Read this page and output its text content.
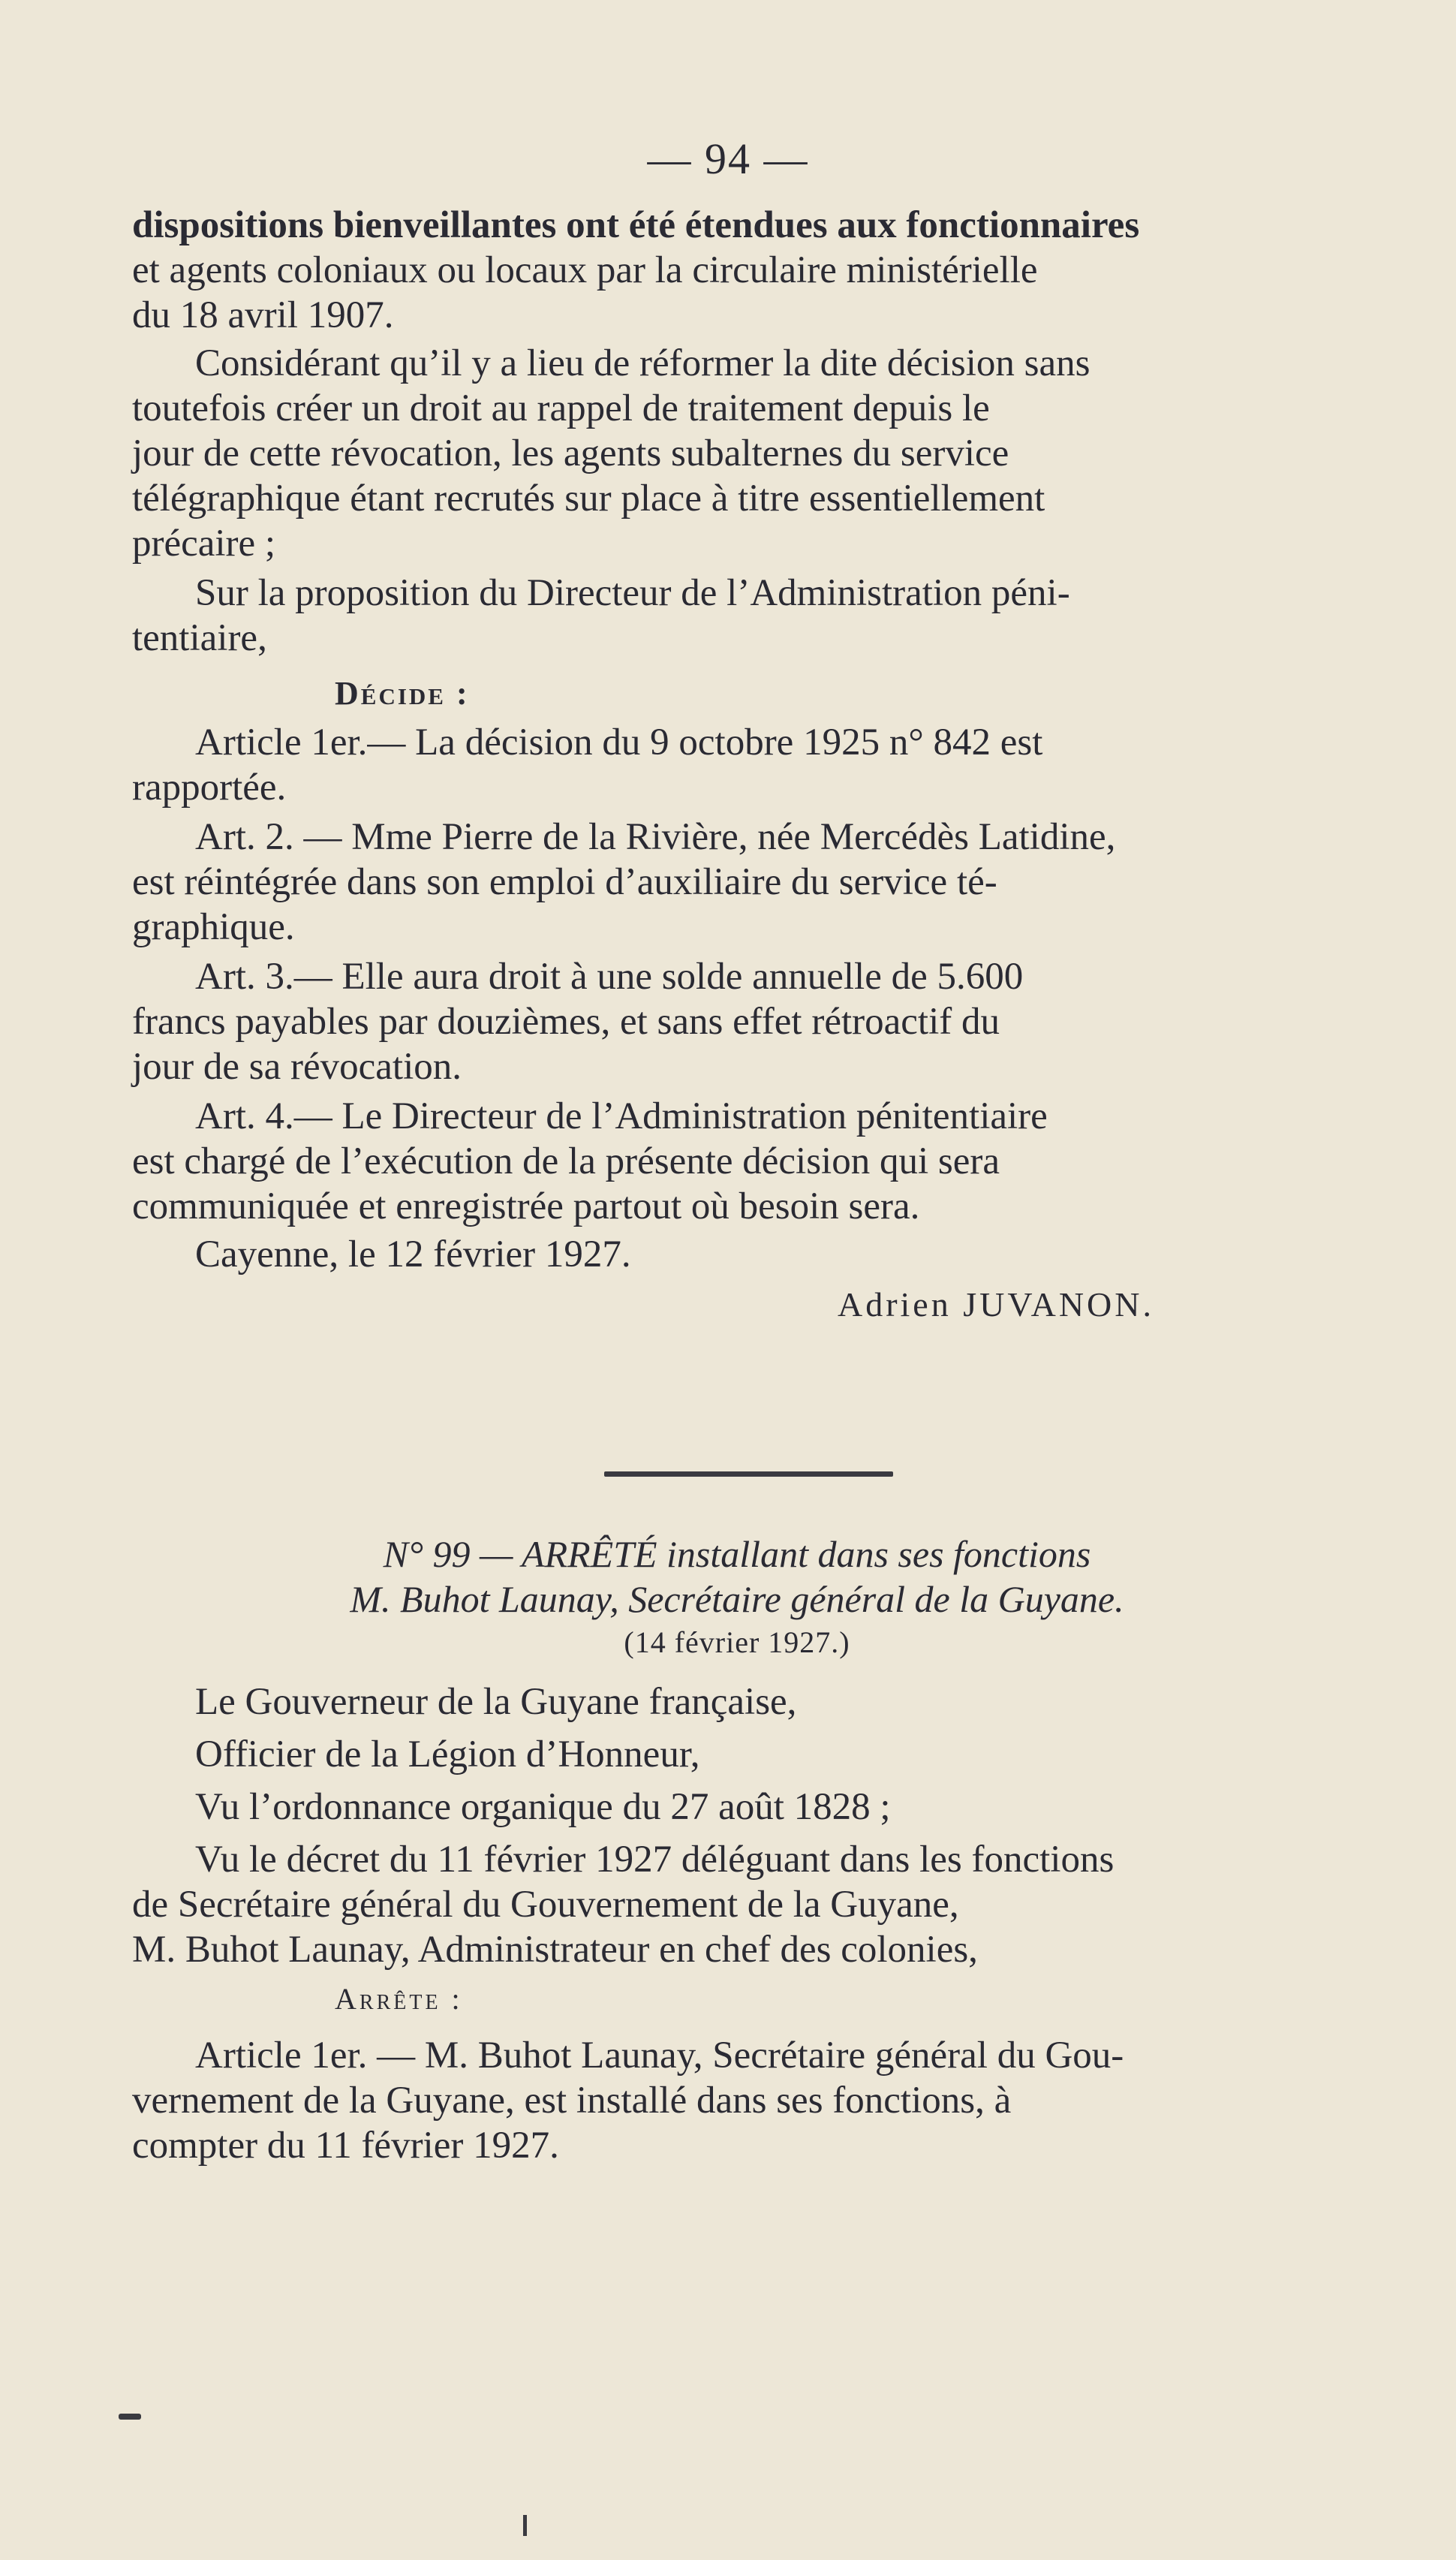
— 94 —

dispositions bienveillantes ont été étendues aux fonctionnaires

et agents coloniaux ou locaux par la circulaire ministérielle

du 18 avril 1907.

Considérant qu’il y a lieu de réformer la dite décision sans

toutefois créer un droit au rappel de traitement depuis le

jour de cette révocation, les agents subalternes du service

télégraphique étant recrutés sur place à titre essentiellement

précaire ;

Sur la proposition du Directeur de l’Administration péni-

tentiaire,

Décide :

Article 1er.— La décision du 9 octobre 1925 n° 842 est

rapportée.

Art. 2. — Mme Pierre de la Rivière, née Mercédès Latidine,

est réintégrée dans son emploi d’auxiliaire du service té-

graphique.

Art. 3.— Elle aura droit à une solde annuelle de 5.600

francs payables par douzièmes, et sans effet rétroactif du

jour de sa révocation.

Art. 4.— Le Directeur de l’Administration pénitentiaire

est chargé de l’exécution de la présente décision qui sera

communiquée et enregistrée partout où besoin sera.

Cayenne, le 12 février 1927.

Adrien JUVANON.
N° 99 — ARRÊTÉ installant dans ses fonctions
M. Buhot Launay, Secrétaire général de la Guyane.
(14 février 1927.)

Le Gouverneur de la Guyane française,

Officier de la Légion d’Honneur,

Vu l’ordonnance organique du 27 août 1828 ;

Vu le décret du 11 février 1927 déléguant dans les fonctions

de Secrétaire général du Gouvernement de la Guyane,

M. Buhot Launay, Administrateur en chef des colonies,

Arrête :

Article 1er. — M. Buhot Launay, Secrétaire général du Gou-

vernement de la Guyane, est installé dans ses fonctions, à

compter du 11 février 1927.
